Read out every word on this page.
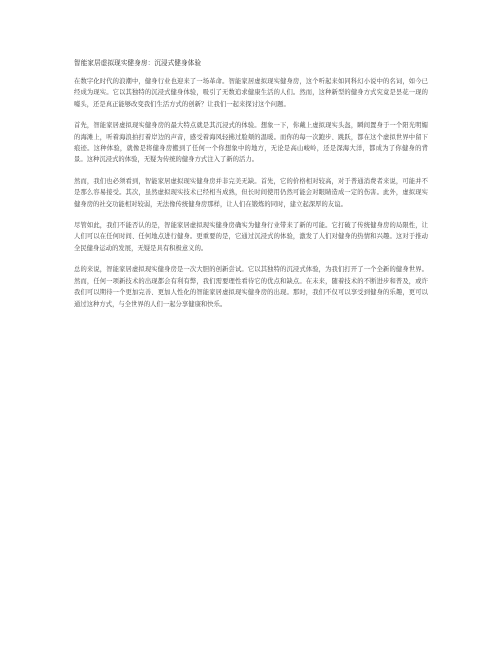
智能家居虚拟现实健身房：沉浸式健身体验

在数字化时代的浪潮中，健身行业也迎来了一场革命。智能家居虚拟现实健身房，这个听起来如同科幻小说中的名词，如今已经成为现实。它以其独特的沉浸式健身体验，吸引了无数追求健康生活的人们。然而，这种新型的健身方式究竟是昙花一现的噱头，还是真正能够改变我们生活方式的创新？让我们一起来探讨这个问题。

首先，智能家居虚拟现实健身房的最大特点就是其沉浸式的体验。想象一下，你戴上虚拟现实头盔，瞬间置身于一个阳光明媚的海滩上，听着海浪拍打着岸边的声音，感受着海风轻拂过脸颊的温暖。而你的每一次跑步、跳跃，都在这个虚拟世界中留下痕迹。这种体验，就像是将健身房搬到了任何一个你想象中的地方，无论是高山峻岭，还是深海大洋，都成为了你健身的背景。这种沉浸式的体验，无疑为传统的健身方式注入了新的活力。

然而，我们也必须看到，智能家居虚拟现实健身房并非完美无缺。首先，它的价格相对较高，对于普通消费者来说，可能并不是那么容易接受。其次，虽然虚拟现实技术已经相当成熟，但长时间使用仍然可能会对眼睛造成一定的伤害。此外，虚拟现实健身房的社交功能相对较弱，无法像传统健身房那样，让人们在锻炼的同时，建立起深厚的友谊。

尽管如此，我们不能否认的是，智能家居虚拟现实健身房确实为健身行业带来了新的可能。它打破了传统健身房的局限性，让人们可以在任何时间、任何地点进行健身。更重要的是，它通过沉浸式的体验，激发了人们对健身的热情和兴趣。这对于推动全民健身运动的发展，无疑是具有积极意义的。

总的来说，智能家居虚拟现实健身房是一次大胆的创新尝试。它以其独特的沉浸式体验，为我们打开了一个全新的健身世界。然而，任何一项新技术的出现都会有利有弊，我们需要理性看待它的优点和缺点。在未来，随着技术的不断进步和普及，或许我们可以期待一个更加完善、更加人性化的智能家居虚拟现实健身房的出现。那时，我们不仅可以享受到健身的乐趣，更可以通过这种方式，与全世界的人们一起分享健康和快乐。
